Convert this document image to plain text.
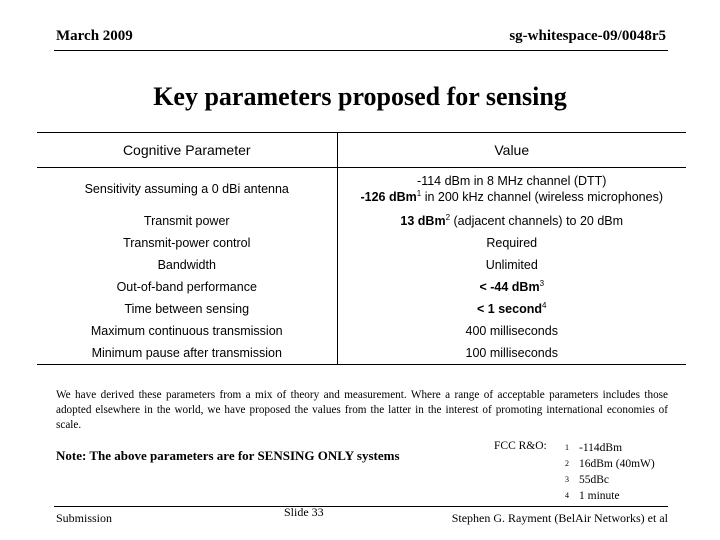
March 2009	sg-whitespace-09/0048r5
Key parameters proposed for sensing
Cognitive Parameter	Value
Sensitivity assuming a 0 dBi antenna	-114 dBm in 8 MHz channel (DTT)
-126 dBm$^1$ in 200 kHz channel (wireless microphones)
Transmit power	13 dBm$^2$ (adjacent channels) to 20 dBm
Transmit-power control	Required
Bandwidth	Unlimited
Out-of-band performance	< -44 dBm$^3$
Time between sensing	< 1 second$^4$
Maximum continuous transmission	400 milliseconds
Minimum pause after transmission	100 milliseconds
We have derived these parameters from a mix of theory and measurement. Where a range of acceptable parameters includes those adopted elsewhere in the world, we have proposed the values from the latter in the interest of promoting international economies of scale.
Note: The above parameters are for SENSING ONLY systems
FCC R&O: 1 -114dBm
2 16dBm (40mW)
3 55dBc
4 1 minute
Submission	Slide 33	Stephen G. Rayment (BelAir Networks) et al
